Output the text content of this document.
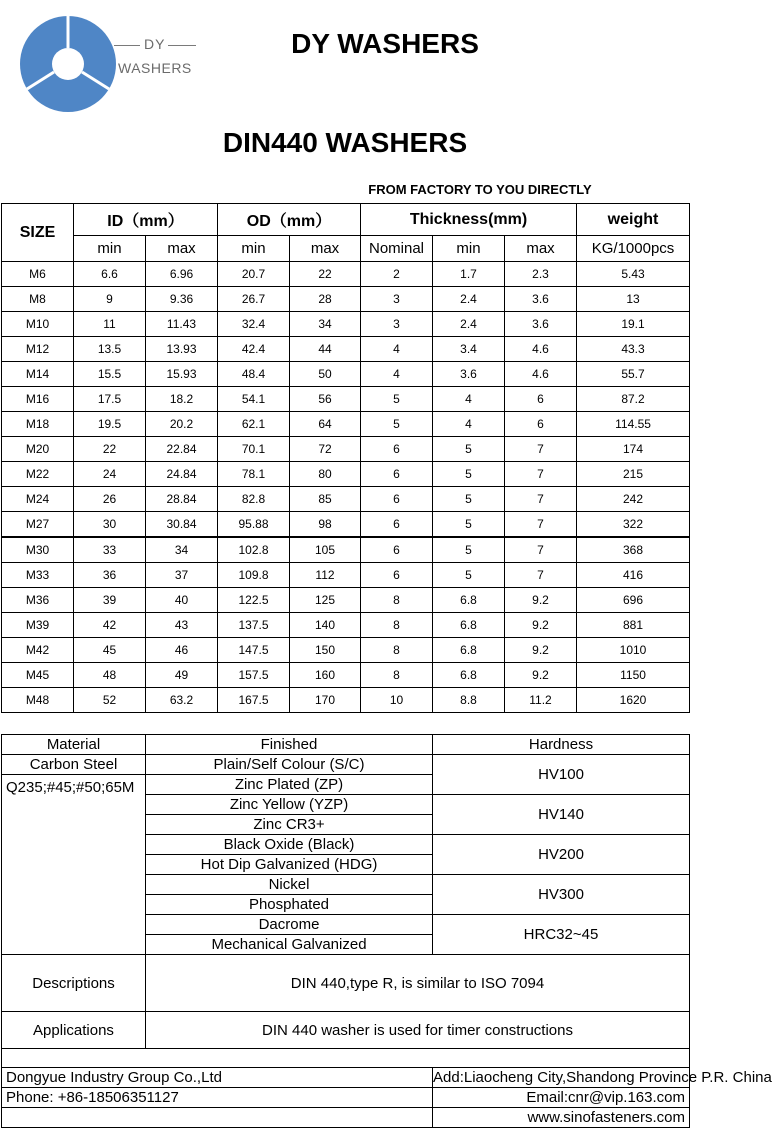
DY
WASHERS
DY WASHERS
DIN440 WASHERS
FROM FACTORY TO YOU DIRECTLY
SIZE	ID（mm）		OD（mm）		Thickness(mm)			weight
	min	max	min	max	Nominal	min	max	KG/1000pcs
M6	6.6	6.96	20.7	22	2	1.7	2.3	5.43
M8	9	9.36	26.7	28	3	2.4	3.6	13
M10	11	11.43	32.4	34	3	2.4	3.6	19.1
M12	13.5	13.93	42.4	44	4	3.4	4.6	43.3
M14	15.5	15.93	48.4	50	4	3.6	4.6	55.7
M16	17.5	18.2	54.1	56	5	4	6	87.2
M18	19.5	20.2	62.1	64	5	4	6	114.55
M20	22	22.84	70.1	72	6	5	7	174
M22	24	24.84	78.1	80	6	5	7	215
M24	26	28.84	82.8	85	6	5	7	242
M27	30	30.84	95.88	98	6	5	7	322
M30	33	34	102.8	105	6	5	7	368
M33	36	37	109.8	112	6	5	7	416
M36	39	40	122.5	125	8	6.8	9.2	696
M39	42	43	137.5	140	8	6.8	9.2	881
M42	45	46	147.5	150	8	6.8	9.2	1010
M45	48	49	157.5	160	8	6.8	9.2	1150
M48	52	63.2	167.5	170	10	8.8	11.2	1620
Material	Finished	Hardness
Carbon Steel	Plain/Self Colour (S/C)	HV100
Q235;#45;#50;65M	Zinc Plated (ZP)	
	Zinc Yellow (YZP)	HV140
	Zinc CR3+	
	Black Oxide (Black)	HV200
	Hot Dip Galvanized (HDG)	
	Nickel	HV300
	Phosphated	
	Dacrome	HRC32~45
	Mechanical Galvanized	
Descriptions	DIN 440,type R, is similar to ISO 7094	
Applications	DIN 440 washer is used for timer constructions	

Dongyue Industry Group Co.,Ltd		Add:Liaocheng City,Shandong Province P.R. China
Phone: +86-18506351127		Email:cnr@vip.163.com
		www.sinofasteners.com
